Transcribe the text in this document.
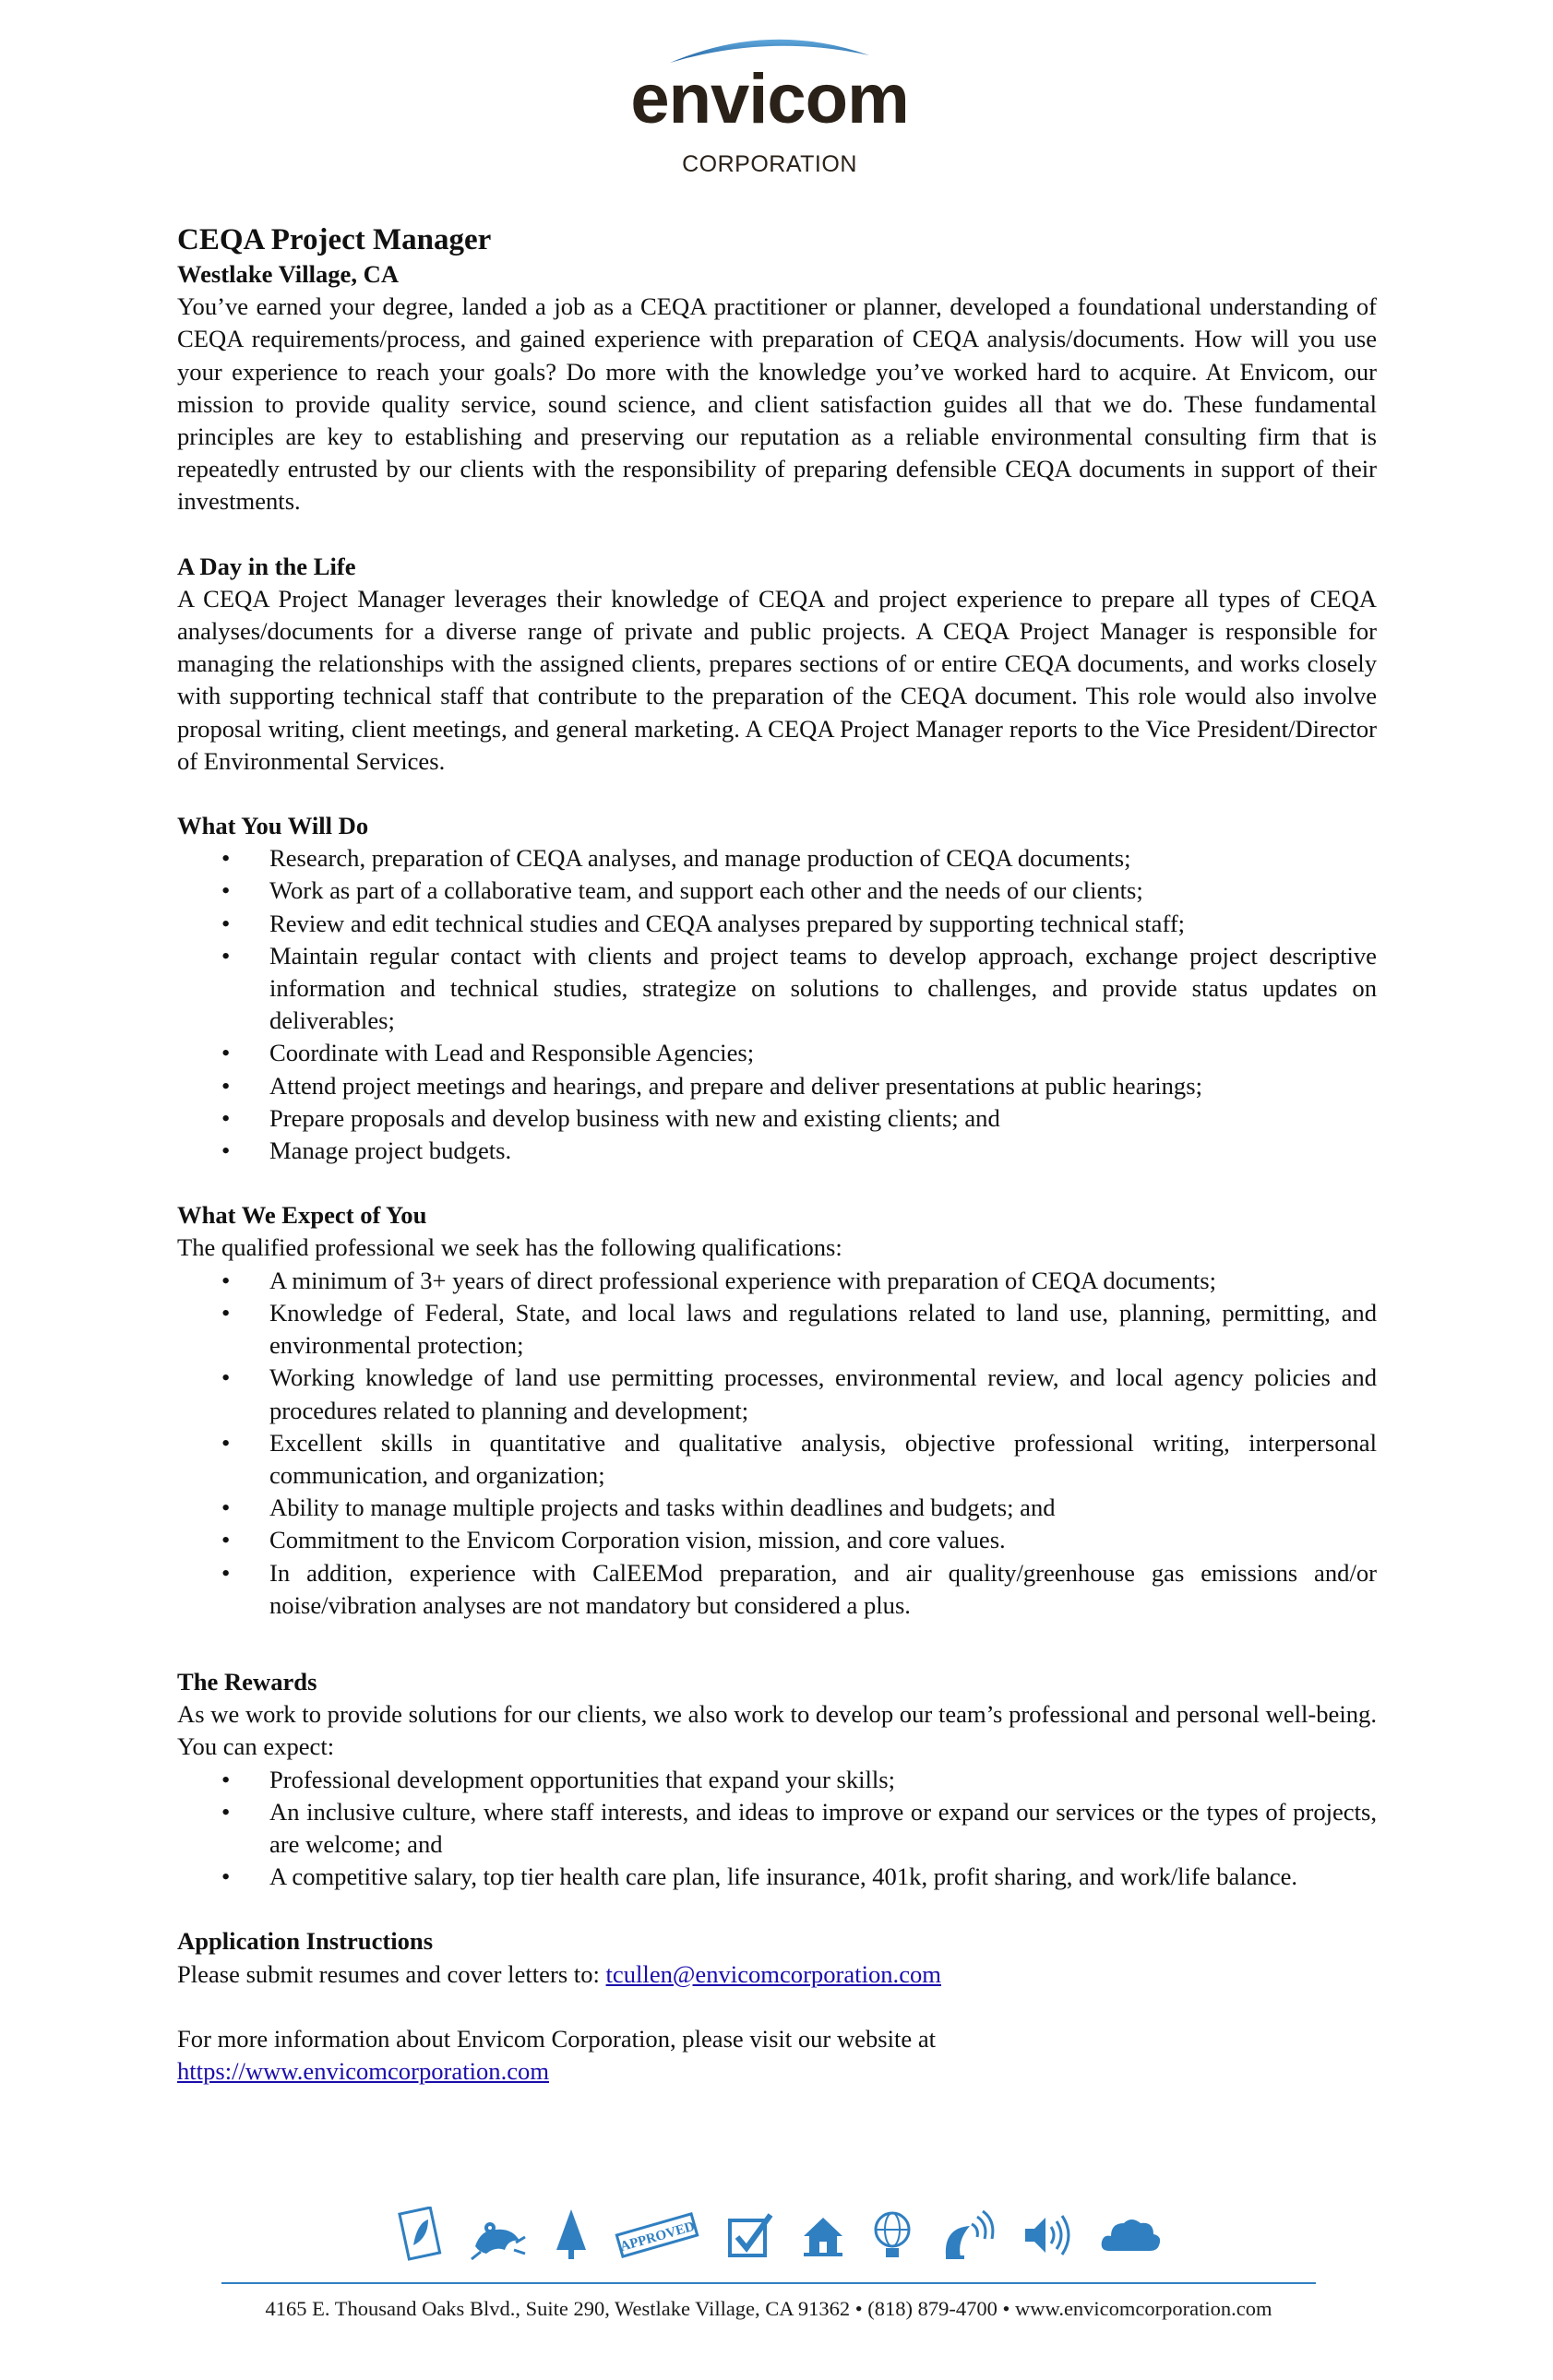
envicom
CORPORATION
CEQA Project Manager
Westlake Village, CA

You’ve earned your degree, landed a job as a CEQA practitioner or planner, developed a foundational understanding of CEQA requirements/process, and gained experience with preparation of CEQA analysis/documents. How will you use your experience to reach your goals? Do more with the knowledge you’ve worked hard to acquire. At Envicom, our mission to provide quality service, sound science, and client satisfaction guides all that we do. These fundamental principles are key to establishing and preserving our reputation as a reliable environmental consulting firm that is repeatedly entrusted by our clients with the responsibility of preparing defensible CEQA documents in support of their investments.

A Day in the Life

A CEQA Project Manager leverages their knowledge of CEQA and project experience to prepare all types of CEQA analyses/documents for a diverse range of private and public projects. A CEQA Project Manager is responsible for managing the relationships with the assigned clients, prepares sections of or entire CEQA documents, and works closely with supporting technical staff that contribute to the preparation of the CEQA document. This role would also involve proposal writing, client meetings, and general marketing. A CEQA Project Manager reports to the Vice President/Director of Environmental Services.

What You Will Do
• Research, preparation of CEQA analyses, and manage production of CEQA documents;
• Work as part of a collaborative team, and support each other and the needs of our clients;
• Review and edit technical studies and CEQA analyses prepared by supporting technical staff;
• Maintain regular contact with clients and project teams to develop approach, exchange project descriptive information and technical studies, strategize on solutions to challenges, and provide status updates on deliverables;
• Coordinate with Lead and Responsible Agencies;
• Attend project meetings and hearings, and prepare and deliver presentations at public hearings;
• Prepare proposals and develop business with new and existing clients; and
• Manage project budgets.
What We Expect of You
The qualified professional we seek has the following qualifications:
• A minimum of 3+ years of direct professional experience with preparation of CEQA documents;
• Knowledge of Federal, State, and local laws and regulations related to land use, planning, permitting, and environmental protection;
• Working knowledge of land use permitting processes, environmental review, and local agency policies and procedures related to planning and development;
• Excellent skills in quantitative and qualitative analysis, objective professional writing, interpersonal communication, and organization;
• Ability to manage multiple projects and tasks within deadlines and budgets; and
• Commitment to the Envicom Corporation vision, mission, and core values.
• In addition, experience with CalEEMod preparation, and air quality/greenhouse gas emissions and/or noise/vibration analyses are not mandatory but considered a plus.
The Rewards

As we work to provide solutions for our clients, we also work to develop our team’s professional and personal well-being. You can expect:

• Professional development opportunities that expand your skills;
• An inclusive culture, where staff interests, and ideas to improve or expand our services or the types of projects, are welcome; and
• A competitive salary, top tier health care plan, life insurance, 401k, profit sharing, and work/life balance.
Application Instructions
Please submit resumes and cover letters to: tcullen@envicomcorporation.com
For more information about Envicom Corporation, please visit our website at
https://www.envicomcorporation.com
APPROVED
4165 E. Thousand Oaks Blvd., Suite 290, Westlake Village, CA 91362 • (818) 879-4700 • www.envicomcorporation.com
